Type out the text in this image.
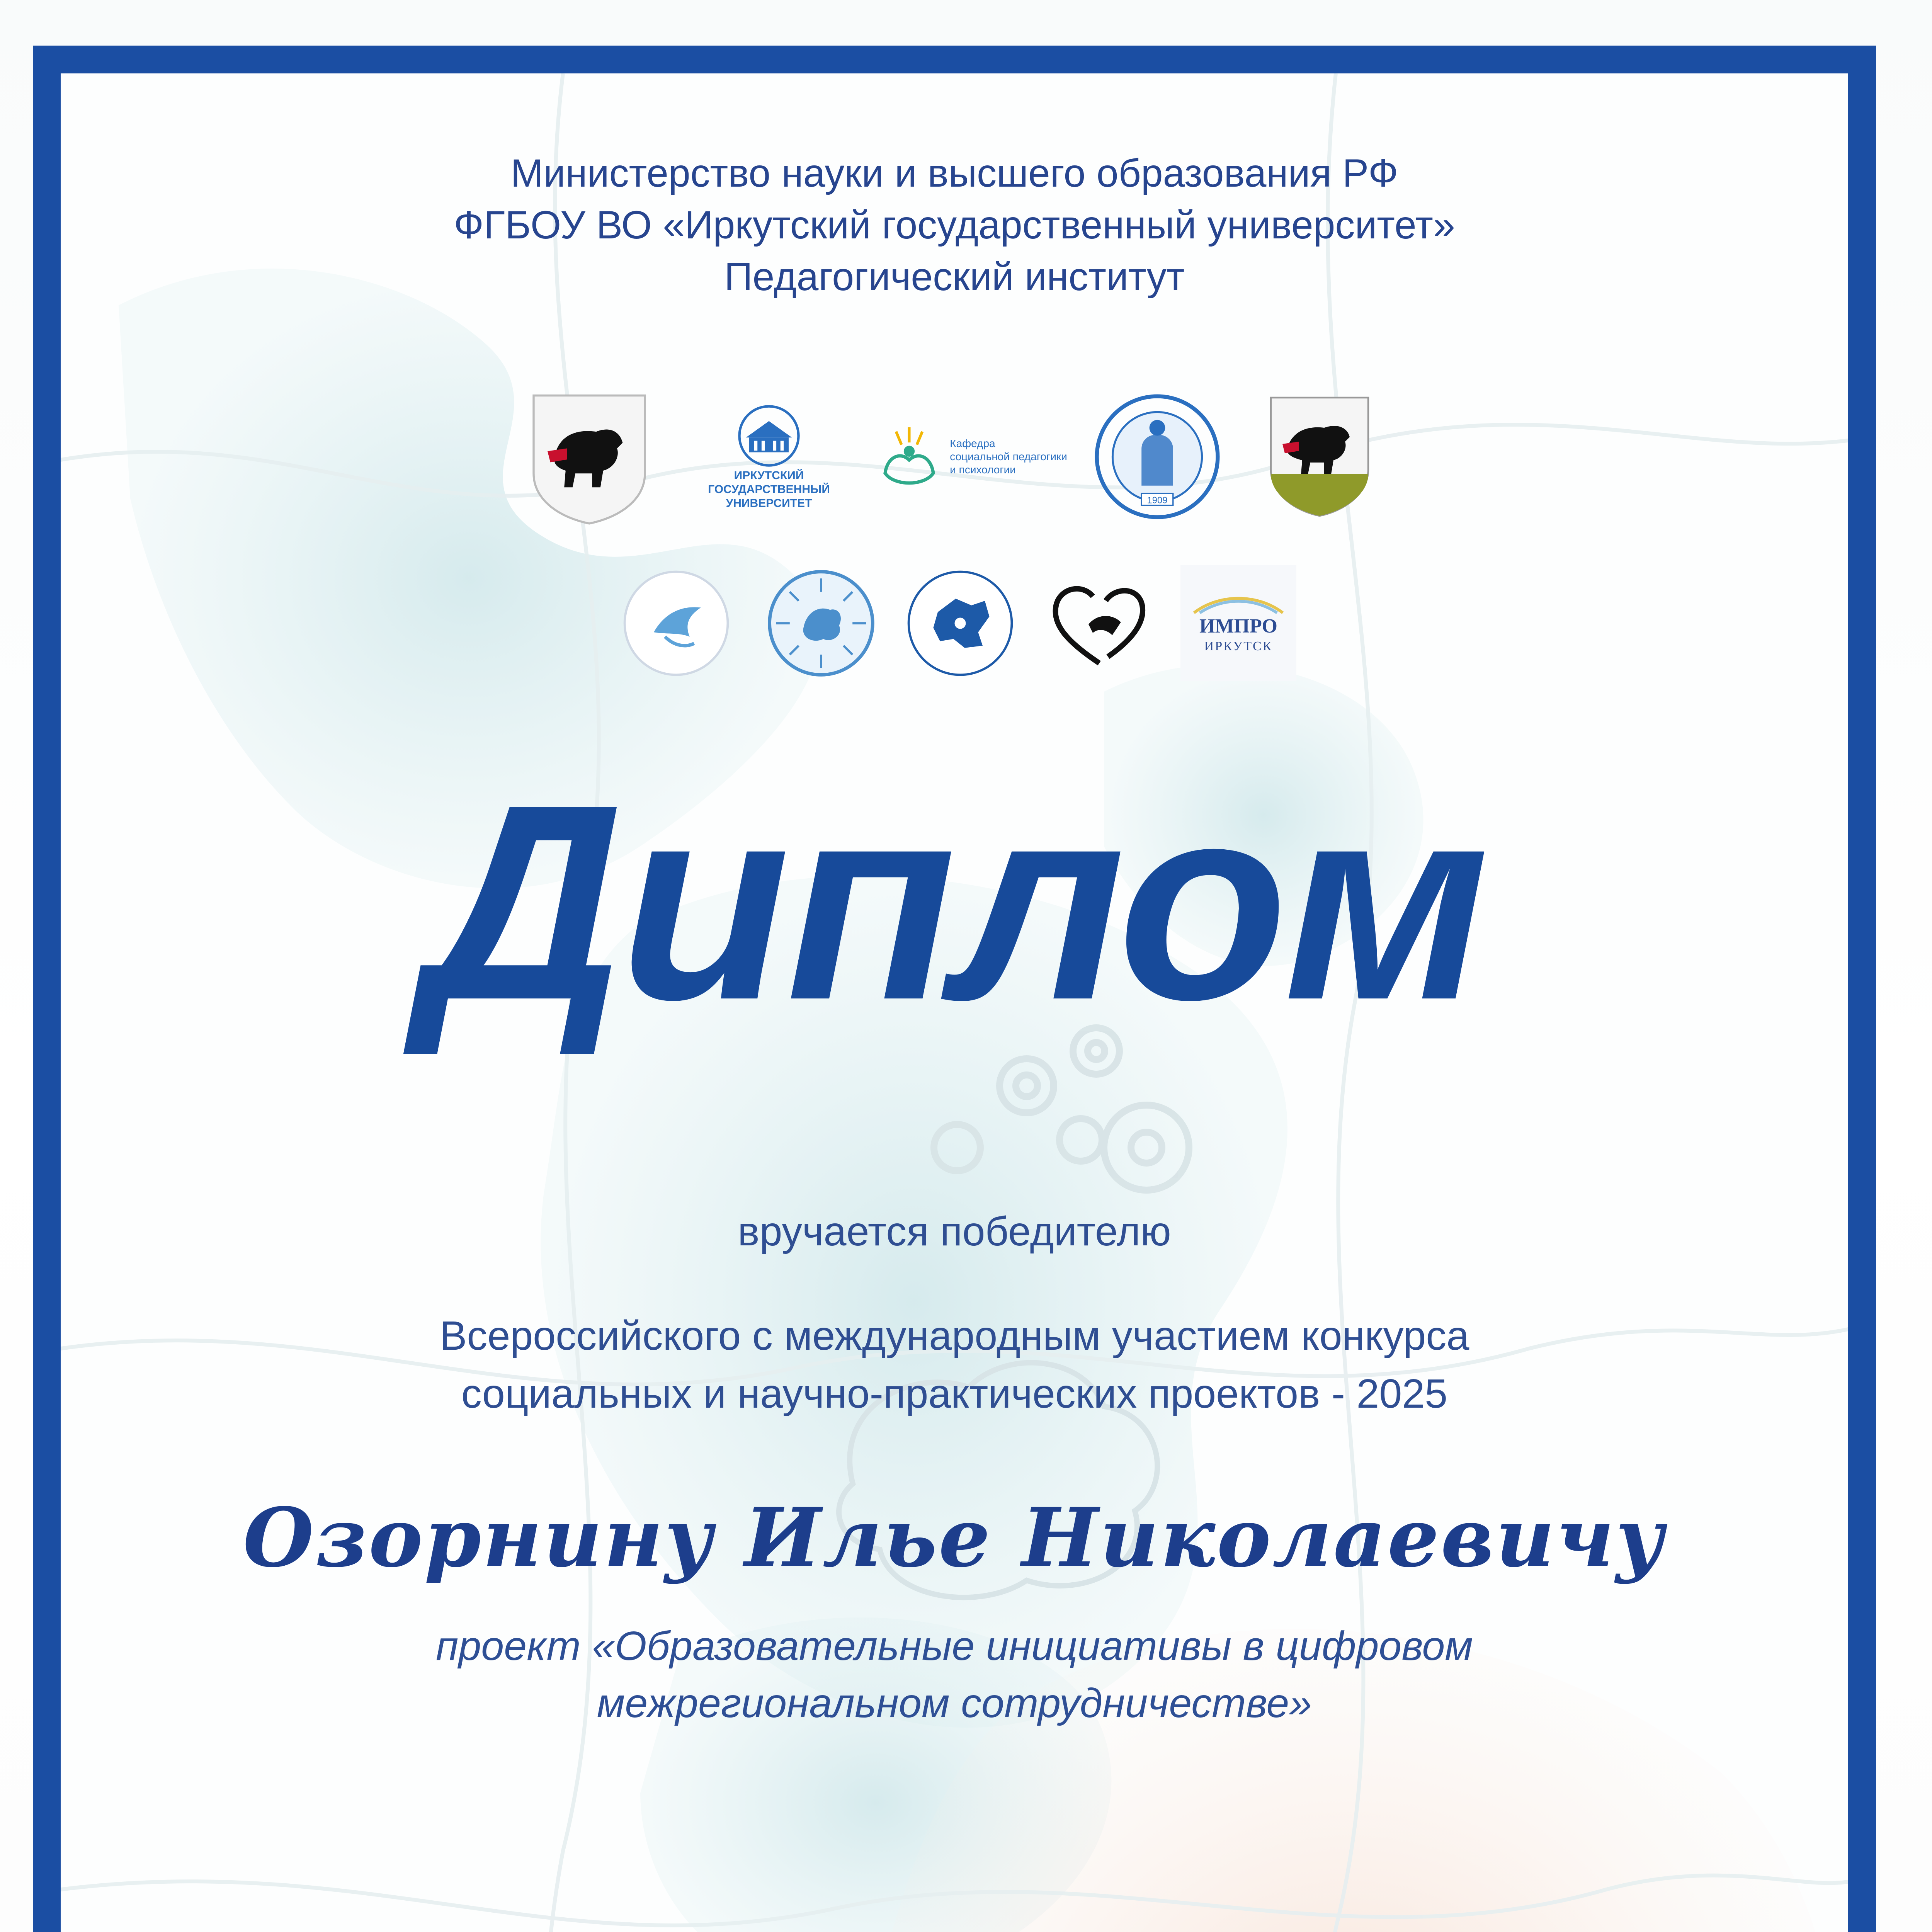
Министерство науки и высшего образования РФ

ФГБОУ ВО «Иркутский государственный университет»

Педагогический институт

ИРКУТСКИЙ
ГОСУДАРСТВЕННЫЙ
УНИВЕРСИТЕТ
Кафедра
социальной педагогики
и психологии
1909
ИМПРО
ИРКУТСК

Диплом

вручается победителю

Всероссийского с международным участием конкурса

социальных и научно-практических проектов - 2025

Озорнину Илье Николаевичу

проект «Образовательные инициативы в цифровом

межрегиональном сотрудничестве»
